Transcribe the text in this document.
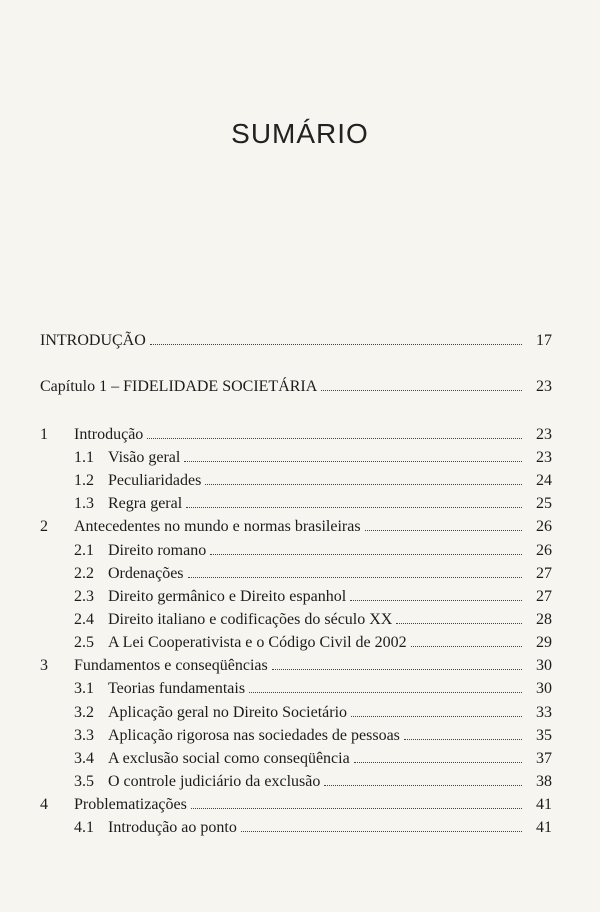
SUMÁRIO
INTRODUÇÃO	17
Capítulo 1 – FIDELIDADE SOCIETÁRIA	23
1	Introdução	23
1.1 Visão geral	23
1.2 Peculiaridades	24
1.3 Regra geral	25
2	Antecedentes no mundo e normas brasileiras	26
2.1 Direito romano	26
2.2 Ordenações	27
2.3 Direito germânico e Direito espanhol	27
2.4 Direito italiano e codificações do século XX	28
2.5 A Lei Cooperativista e o Código Civil de 2002	29
3	Fundamentos e conseqüências	30
3.1 Teorias fundamentais	30
3.2 Aplicação geral no Direito Societário	33
3.3 Aplicação rigorosa nas sociedades de pessoas	35
3.4 A exclusão social como conseqüência	37
3.5 O controle judiciário da exclusão	38
4	Problematizações	41
4.1 Introdução ao ponto	41
